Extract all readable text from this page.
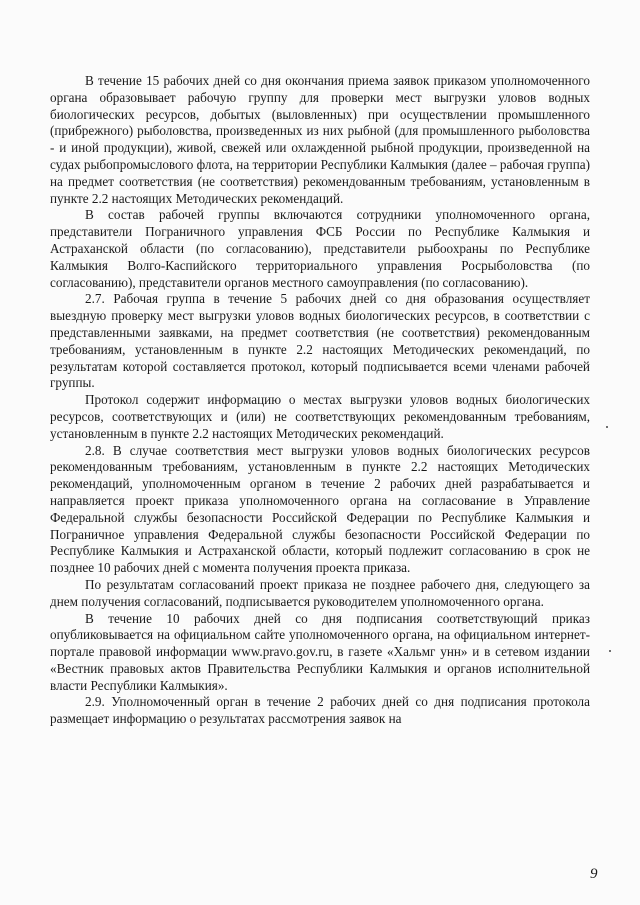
В течение 15 рабочих дней со дня окончания приема заявок приказом уполномоченного органа образовывает рабочую группу для проверки мест выгрузки уловов водных биологических ресурсов, добытых (выловленных) при осуществлении промышленного (прибрежного) рыболовства, произведенных из них рыбной (для промышленного рыболовства - и иной продукции), живой, свежей или охлажденной рыбной продукции, произведенной на судах рыбопромыслового флота, на территории Республики Калмыкия (далее – рабочая группа) на предмет соответствия (не соответствия) рекомендованным требованиям, установленным в пункте 2.2 настоящих Методических рекомендаций.

В состав рабочей группы включаются сотрудники уполномоченного органа, представители Пограничного управления ФСБ России по Республике Калмыкия и Астраханской области (по согласованию), представители рыбоохраны по Республике Калмыкия Волго-Каспийского территориального управления Росрыболовства (по согласованию), представители органов местного самоуправления (по согласованию).

2.7. Рабочая группа в течение 5 рабочих дней со дня образования осуществляет выездную проверку мест выгрузки уловов водных биологических ресурсов, в соответствии с представленными заявками, на предмет соответствия (не соответствия) рекомендованным требованиям, установленным в пункте 2.2 настоящих Методических рекомендаций, по результатам которой составляется протокол, который подписывается всеми членами рабочей группы.

Протокол содержит информацию о местах выгрузки уловов водных биологических ресурсов, соответствующих и (или) не соответствующих рекомендованным требованиям, установленным в пункте 2.2 настоящих Методических рекомендаций.

2.8. В случае соответствия мест выгрузки уловов водных биологических ресурсов рекомендованным требованиям, установленным в пункте 2.2 настоящих Методических рекомендаций, уполномоченным органом в течение 2 рабочих дней разрабатывается и направляется проект приказа уполномоченного органа на согласование в Управление Федеральной службы безопасности Российской Федерации по Республике Калмыкия и Пограничное управления Федеральной службы безопасности Российской Федерации по Республике Калмыкия и Астраханской области, который подлежит согласованию в срок не позднее 10 рабочих дней с момента получения проекта приказа.

По результатам согласований проект приказа не позднее рабочего дня, следующего за днем получения согласований, подписывается руководителем уполномоченного органа.

В течение 10 рабочих дней со дня подписания соответствующий приказ опубликовывается на официальном сайте уполномоченного органа, на официальном интернет-портале правовой информации www.pravo.gov.ru, в газете «Хальмг унн» и в сетевом издании «Вестник правовых актов Правительства Республики Калмыкия и органов исполнительной власти Республики Калмыкия».

2.9. Уполномоченный орган в течение 2 рабочих дней со дня подписания протокола размещает информацию о результатах рассмотрения заявок на

9
